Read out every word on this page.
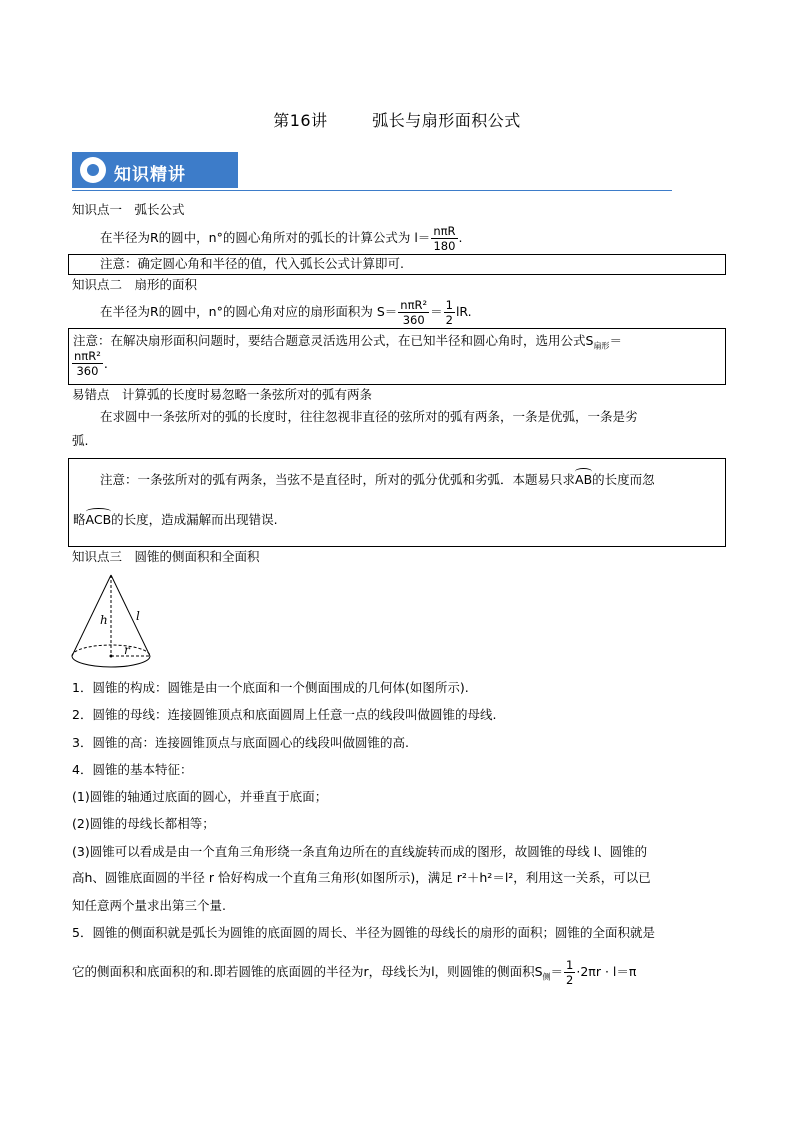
第16讲	弧长与扇形面积公式
知识精讲
知识点一　弧长公式
在半径为R的圆中，n°的圆心角所对的弧长的计算公式为 $l= \frac{\text{nπR}}{180}$ .
注意：确定圆心角和半径的值，代入弧长公式计算即可.
知识点二　扇形的面积
在半径为R的圆中，n°的圆心角对应的扇形面积为 $S= \frac{\text{nπR²}}{360} = \frac{1}{2}$ lR.
注意：在解决扇形面积问题时，要结合题意灵活选用公式，在已知半径和圆心角时，选用公式$S_{扇形}=$
$\frac{\text{nπR²}}{360}$ .
易错点　计算弧的长度时易忽略一条弦所对的弧有两条
在求圆中一条弦所对的弧的长度时，往往忽视非直径的弦所对的弧有两条，一条是优弧，一条是劣
弧.
注意：一条弦所对的弧有两条，当弦不是直径时，所对的弧分优弧和劣弧．本题易只求AB的长度而忽
略ACB的长度，造成漏解而出现错误.
知识点三　圆锥的侧面积和全面积
h l
r
1．圆锥的构成：圆锥是由一个底面和一个侧面围成的几何体(如图所示).
2．圆锥的母线：连接圆锥顶点和底面圆周上任意一点的线段叫做圆锥的母线.
3．圆锥的高：连接圆锥顶点与底面圆心的线段叫做圆锥的高.
4．圆锥的基本特征：
(1)圆锥的轴通过底面的圆心，并垂直于底面；
(2)圆锥的母线长都相等；
(3)圆锥可以看成是由一个直角三角形绕一条直角边所在的直线旋转而成的图形，故圆锥的母线 l、圆锥的
高h、圆锥底面圆的半径 r 恰好构成一个直角三角形(如图所示)，满足 r²＋h²＝l²，利用这一关系，可以已
知任意两个量求出第三个量.
5．圆锥的侧面积就是弧长为圆锥的底面圆的周长、半径为圆锥的母线长的扇形的面积；圆锥的全面积就是
它的侧面积和底面积的和.即若圆锥的底面圆的半径为r，母线长为l，则圆锥的侧面积$S_侧= \frac{1}{2} \cdot 2\pi r \cdot l=\pi$
